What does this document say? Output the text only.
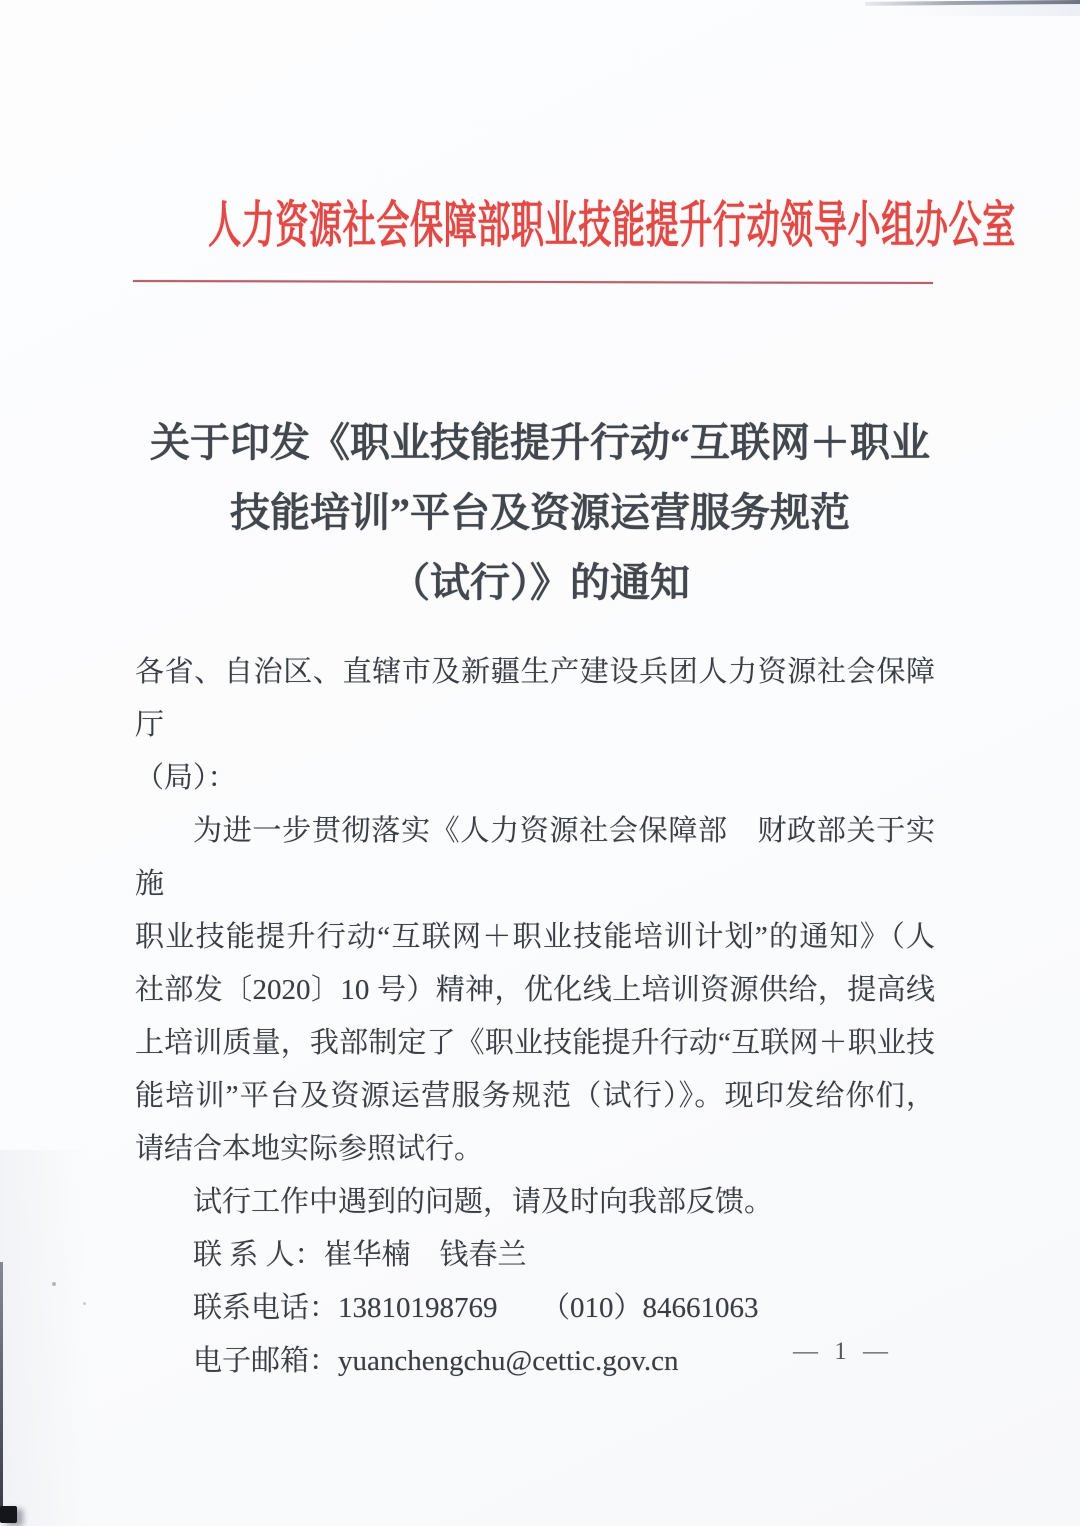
人力资源社会保障部职业技能提升行动领导小组办公室
关于印发《职业技能提升行动“互联网＋职业
技能培训”平台及资源运营服务规范
（试行）》的通知

各省、自治区、直辖市及新疆生产建设兵团人力资源社会保障厅

（局）：

为进一步贯彻落实《人力资源社会保障部　财政部关于实施

职业技能提升行动“互联网＋职业技能培训计划”的通知》（人

社部发〔2020〕10 号）精神，优化线上培训资源供给，提高线

上培训质量，我部制定了《职业技能提升行动“互联网＋职业技

能培训”平台及资源运营服务规范（试行）》。现印发给你们，

请结合本地实际参照试行。

试行工作中遇到的问题，请及时向我部反馈。

联 系 人：崔华楠　钱春兰

联系电话：13810198769　　（010）84661063

电子邮箱：yuanchengchu@cettic.gov.cn	— 1 —
